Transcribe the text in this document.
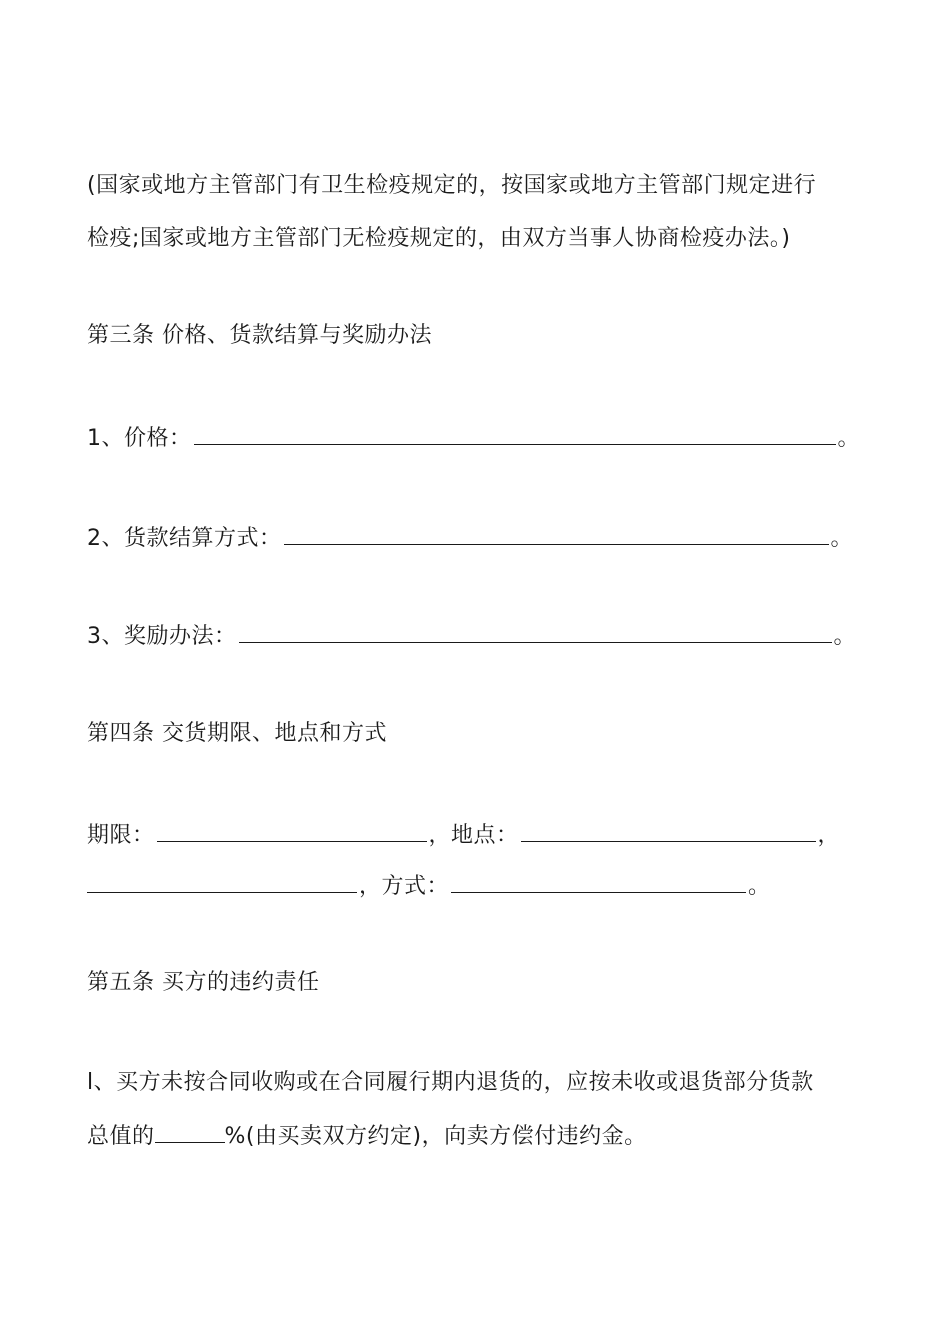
(国家或地方主管部门有卫生检疫规定的，按国家或地方主管部门规定进行
检疫;国家或地方主管部门无检疫规定的，由双方当事人协商检疫办法。)
第三条 价格、货款结算与奖励办法
1、价格：	。
2、货款结算方式：	。
3、奖励办法：	。
第四条 交货期限、地点和方式
期限：	，地点：	，
，方式：	。
第五条 买方的违约责任
l、买方未按合同收购或在合同履行期内退货的，应按未收或退货部分货款
总值的	%(由买卖双方约定)，向卖方偿付违约金。
